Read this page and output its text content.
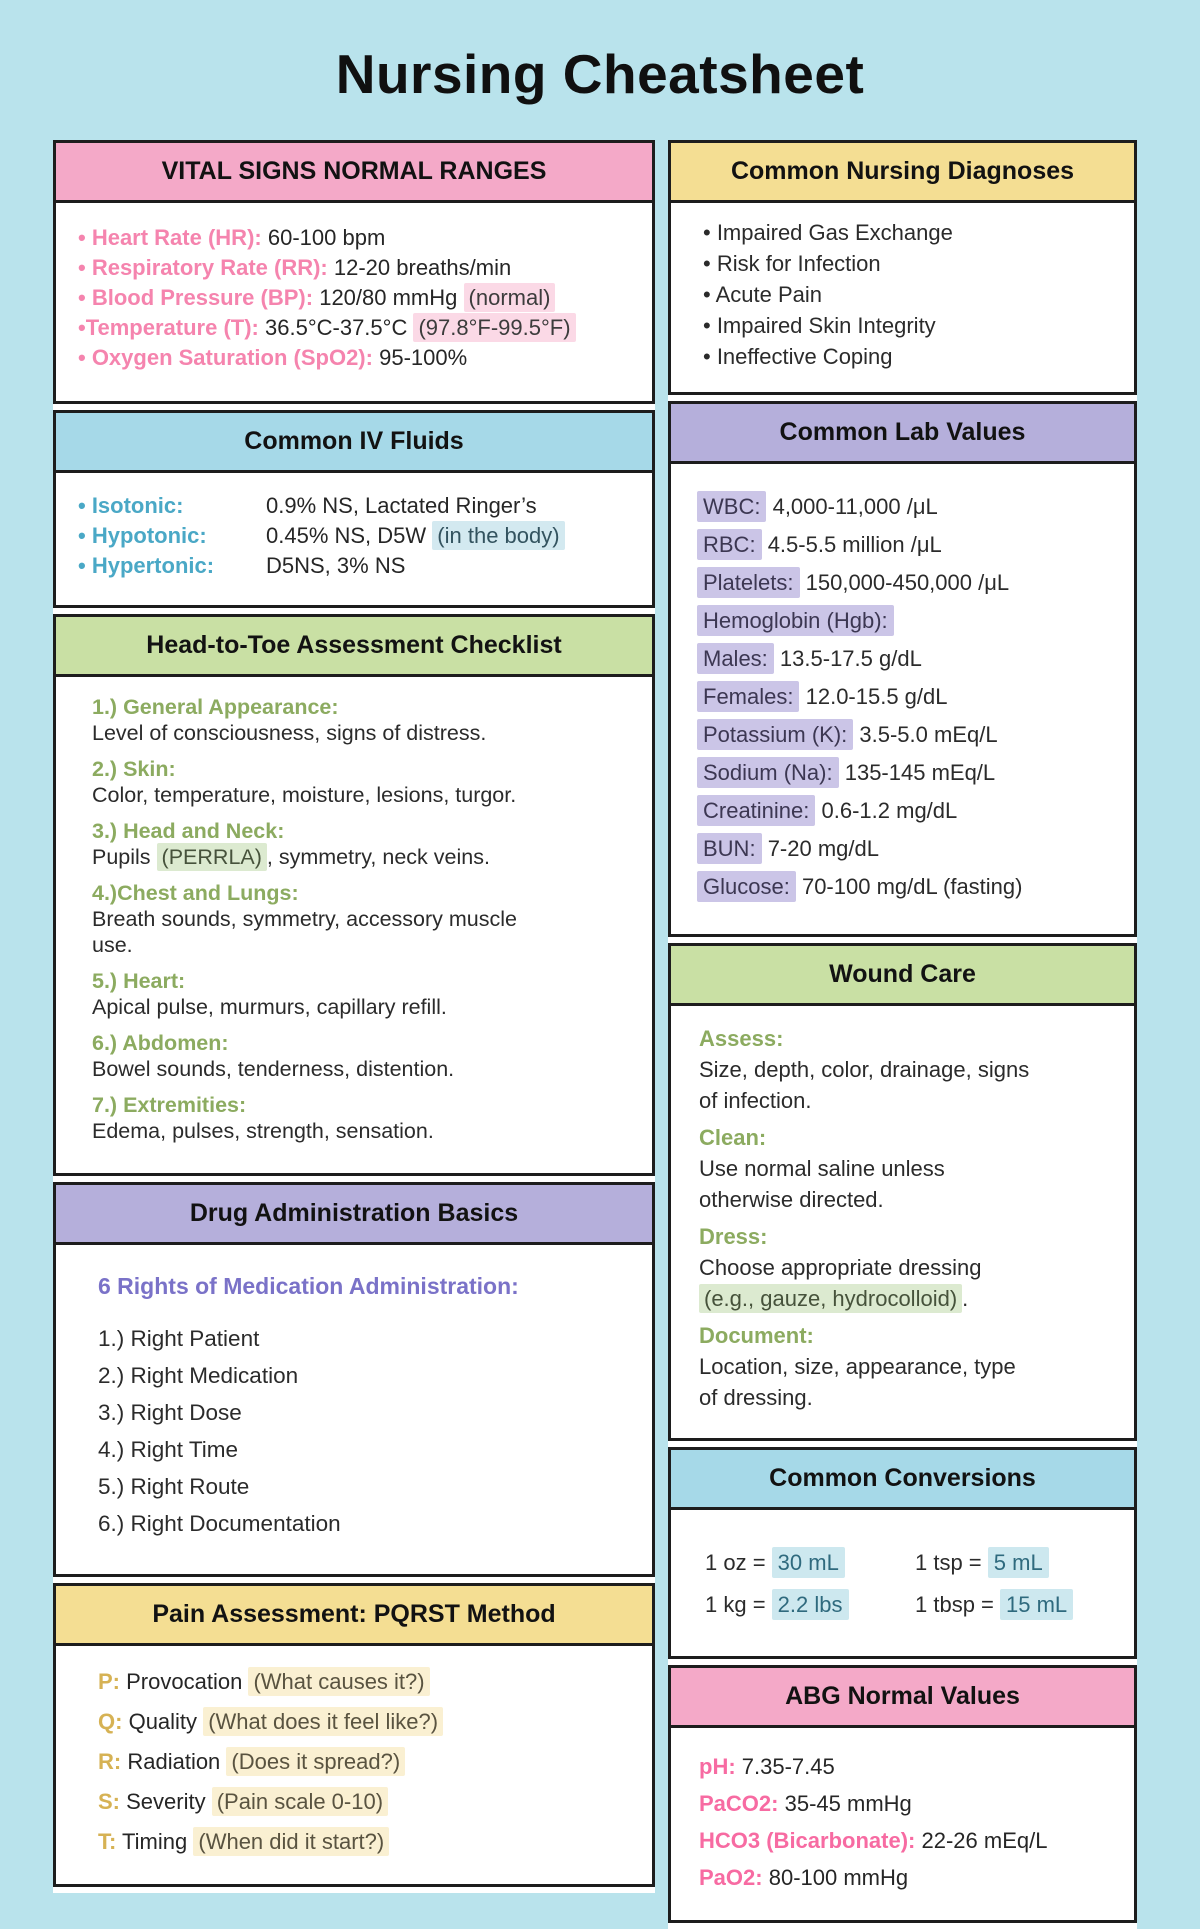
Nursing Cheatsheet
VITAL SIGNS NORMAL RANGES
• Heart Rate (HR): 60-100 bpm
• Respiratory Rate (RR): 12-20 breaths/min
• Blood Pressure (BP): 120/80 mmHg (normal)
•Temperature (T): 36.5°C-37.5°C (97.8°F-99.5°F)
• Oxygen Saturation (SpO2): 95-100%
Common IV Fluids
• Isotonic:	0.9% NS, Lactated Ringer’s
• Hypotonic:	0.45% NS, D5W (in the body)
• Hypertonic:	D5NS, 3% NS
Head-to-Toe Assessment Checklist
1.) General Appearance:
Level of consciousness, signs of distress.
2.) Skin:
Color, temperature, moisture, lesions, turgor.
3.) Head and Neck:
Pupils (PERRLA) , symmetry, neck veins.
4.)Chest and Lungs:
Breath sounds, symmetry, accessory muscle
use.
5.) Heart:
Apical pulse, murmurs, capillary refill.
6.) Abdomen:
Bowel sounds, tenderness, distention.
7.) Extremities:
Edema, pulses, strength, sensation.
Drug Administration Basics
6 Rights of Medication Administration:
1.) Right Patient
2.) Right Medication
3.) Right Dose
4.) Right Time
5.) Right Route
6.) Right Documentation
Pain Assessment: PQRST Method
P: Provocation (What causes it?)
Q: Quality (What does it feel like?)
R: Radiation (Does it spread?)
S: Severity (Pain scale 0-10)
T: Timing (When did it start?)
Common Nursing Diagnoses
• Impaired Gas Exchange
• Risk for Infection
• Acute Pain
• Impaired Skin Integrity
• Ineffective Coping
Common Lab Values
WBC: 4,000-11,000 /μL
RBC: 4.5-5.5 million /μL
Platelets: 150,000-450,000 /μL
Hemoglobin (Hgb):
Males: 13.5-17.5 g/dL
Females: 12.0-15.5 g/dL
Potassium (K): 3.5-5.0 mEq/L
Sodium (Na): 135-145 mEq/L
Creatinine: 0.6-1.2 mg/dL
BUN: 7-20 mg/dL
Glucose: 70-100 mg/dL (fasting)
Wound Care
Assess:
Size, depth, color, drainage, signs
of infection.
Clean:
Use normal saline unless
otherwise directed.
Dress:
Choose appropriate dressing
(e.g., gauze, hydrocolloid) .
Document:
Location, size, appearance, type
of dressing.
Common Conversions
1 oz = 30 mL	1 tsp = 5 mL
1 kg = 2.2 lbs	1 tbsp = 15 mL
ABG Normal Values
pH: 7.35-7.45
PaCO2: 35-45 mmHg
HCO3 (Bicarbonate): 22-26 mEq/L
PaO2: 80-100 mmHg
